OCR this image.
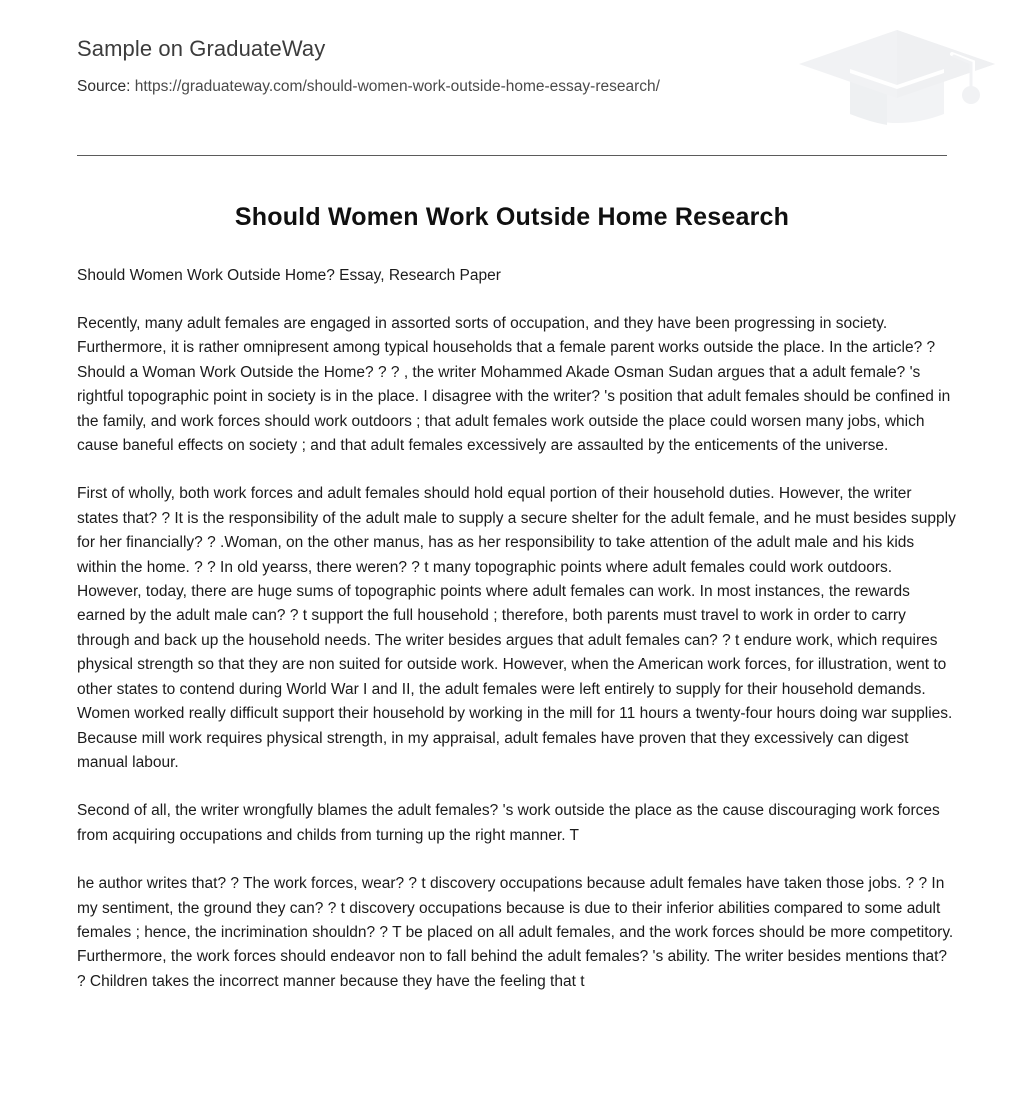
Sample on GraduateWay
Source: https://graduateway.com/should-women-work-outside-home-essay-research/
Should Women Work Outside Home Research

Should Women Work Outside Home? Essay, Research Paper

Recently, many adult females are engaged in assorted sorts of occupation, and they have been progressing in society. Furthermore, it is rather omnipresent among typical households that a female parent works outside the place. In the article? ? Should a Woman Work Outside the Home? ? ? , the writer Mohammed Akade Osman Sudan argues that a adult female? 's rightful topographic point in society is in the place. I disagree with the writer? 's position that adult females should be confined in the family, and work forces should work outdoors ; that adult females work outside the place could worsen many jobs, which cause baneful effects on society ; and that adult females excessively are assaulted by the enticements of the universe.

First of wholly, both work forces and adult females should hold equal portion of their household duties. However, the writer states that? ? It is the responsibility of the adult male to supply a secure shelter for the adult female, and he must besides supply for her financially? ? .Woman, on the other manus, has as her responsibility to take attention of the adult male and his kids within the home. ? ? In old yearss, there weren? ? t many topographic points where adult females could work outdoors. However, today, there are huge sums of topographic points where adult females can work. In most instances, the rewards earned by the adult male can? ? t support the full household ; therefore, both parents must travel to work in order to carry through and back up the household needs. The writer besides argues that adult females can? ? t endure work, which requires physical strength so that they are non suited for outside work. However, when the American work forces, for illustration, went to other states to contend during World War I and II, the adult females were left entirely to supply for their household demands. Women worked really difficult support their household by working in the mill for 11 hours a twenty-four hours doing war supplies. Because mill work requires physical strength, in my appraisal, adult females have proven that they excessively can digest manual labour.

Second of all, the writer wrongfully blames the adult females? 's work outside the place as the cause discouraging work forces from acquiring occupations and childs from turning up the right manner. T

he author writes that? ? The work forces, wear? ? t discovery occupations because adult females have taken those jobs. ? ? In my sentiment, the ground they can? ? t discovery occupations because is due to their inferior abilities compared to some adult females ; hence, the incrimination shouldn? ? T be placed on all adult females, and the work forces should be more competitory. Furthermore, the work forces should endeavor non to fall behind the adult females? 's ability. The writer besides mentions that? ? Children takes the incorrect manner because they have the feeling that t
